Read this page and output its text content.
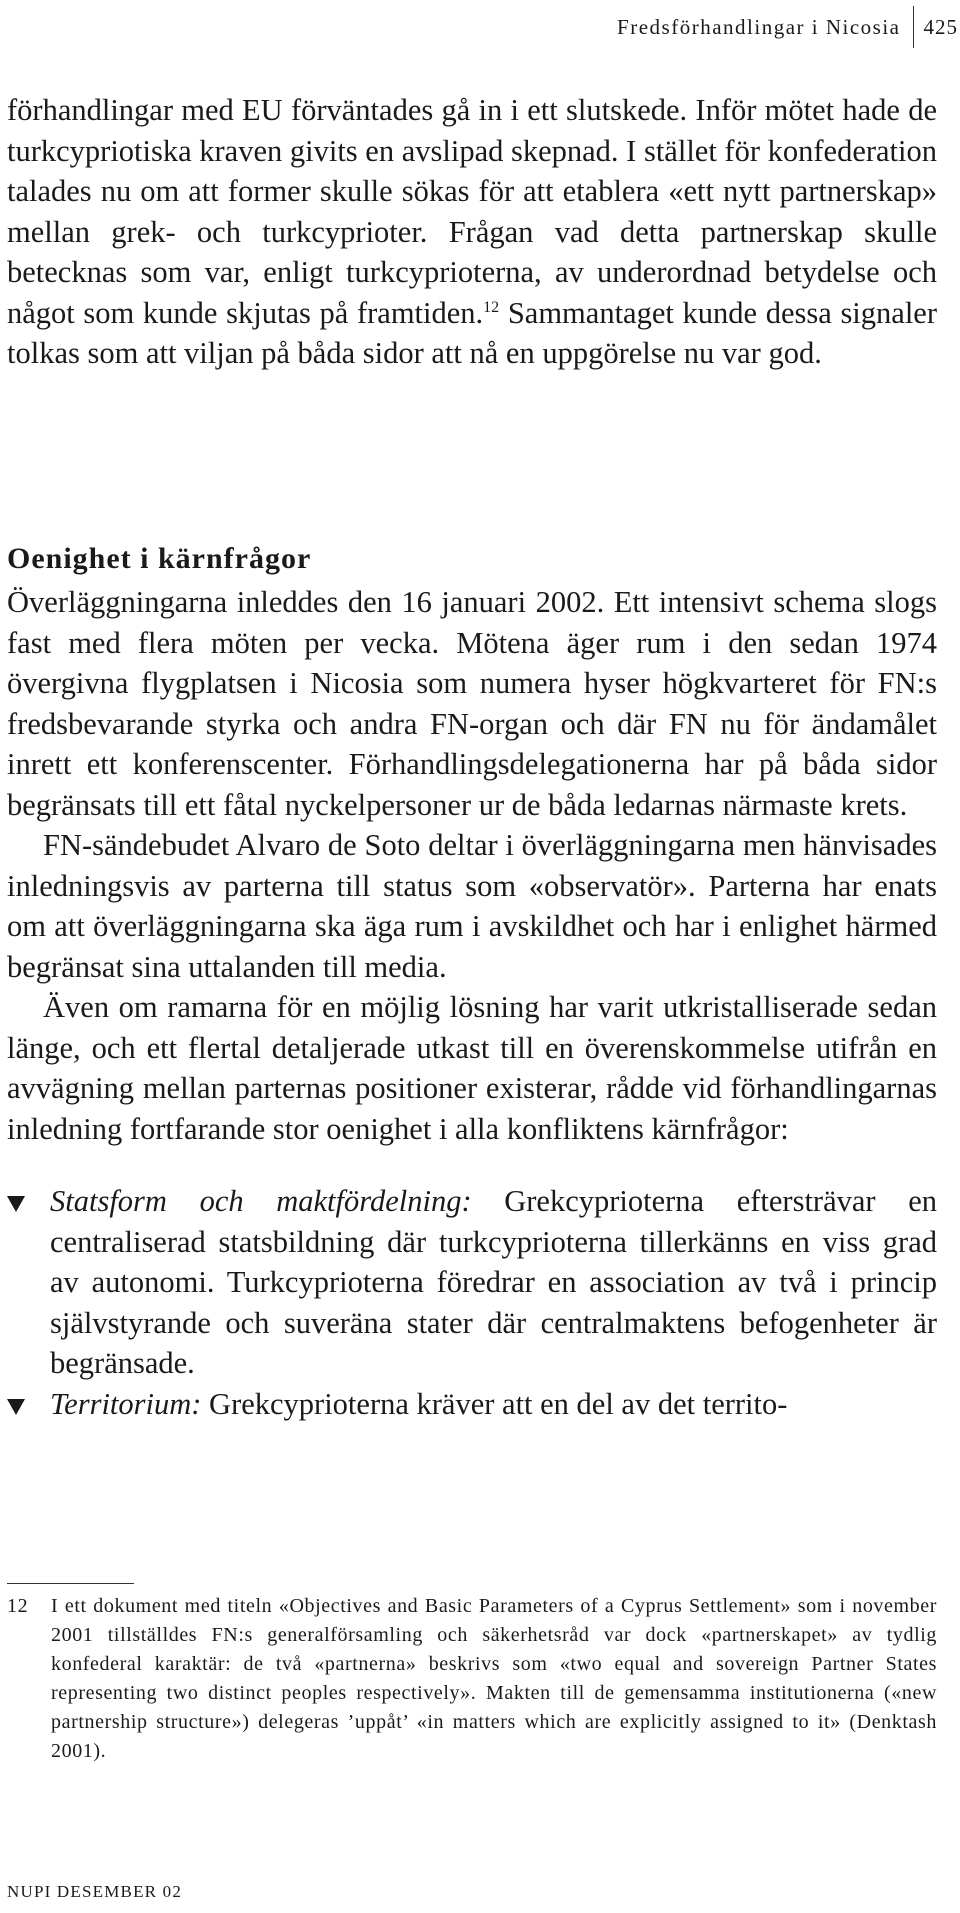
Fredsförhandlingar i Nicosia	425

förhandlingar med EU förväntades gå in i ett slutskede. Inför mötet hade de turkcypriotiska kraven givits en avslipad skepnad. I stället för konfederation talades nu om att former skulle sökas för att etablera «ett nytt partnerskap» mellan grek- och turkcyprioter. Frågan vad detta partnerskap skulle betecknas som var, enligt turkcyprioterna, av underordnad betydelse och något som kunde skjutas på framtiden.$^{12}$ Sammantaget kunde dessa signaler tolkas som att viljan på båda sidor att nå en uppgörelse nu var god.

Oenighet i kärnfrågor

Överläggningarna inleddes den 16 januari 2002. Ett intensivt schema slogs fast med flera möten per vecka. Mötena äger rum i den sedan 1974 övergivna flygplatsen i Nicosia som numera hyser högkvarteret för FN:s fredsbevarande styrka och andra FN-organ och där FN nu för ändamålet inrett ett konferenscenter. Förhandlingsdelegationerna har på båda sidor begränsats till ett fåtal nyckelpersoner ur de båda ledarnas närmaste krets.

FN-sändebudet Alvaro de Soto deltar i överläggningarna men hänvisades inledningsvis av parterna till status som «observatör». Parterna har enats om att överläggningarna ska äga rum i avskildhet och har i enlighet härmed begränsat sina uttalanden till media.

Även om ramarna för en möjlig lösning har varit utkristalliserade sedan länge, och ett flertal detaljerade utkast till en överenskommelse utifrån en avvägning mellan parternas positioner existerar, rådde vid förhandlingarnas inledning fortfarande stor oenighet i alla konfliktens kärnfrågor:

Statsform och maktfördelning: Grekcyprioterna eftersträvar en centraliserad statsbildning där turkcyprioterna tillerkänns en viss grad av autonomi. Turkcyprioterna föredrar en association av två i princip självstyrande och suveräna stater där centralmaktens befogenheter är begränsade.
Territorium: Grekcyprioterna kräver att en del av det territo-
12 I ett dokument med titeln «Objectives and Basic Parameters of a Cyprus Settlement» som i november 2001 tillställdes FN:s generalförsamling och säkerhetsråd var dock «partnerskapet» av tydlig konfederal karaktär: de två «partnerna» beskrivs som «two equal and sovereign Partner States representing two distinct peoples respectively». Makten till de gemensamma institutionerna («new partnership structure») delegeras ’uppåt’ «in matters which are explicitly assigned to it» (Denktash 2001).
NUPI DESEMBER 02
